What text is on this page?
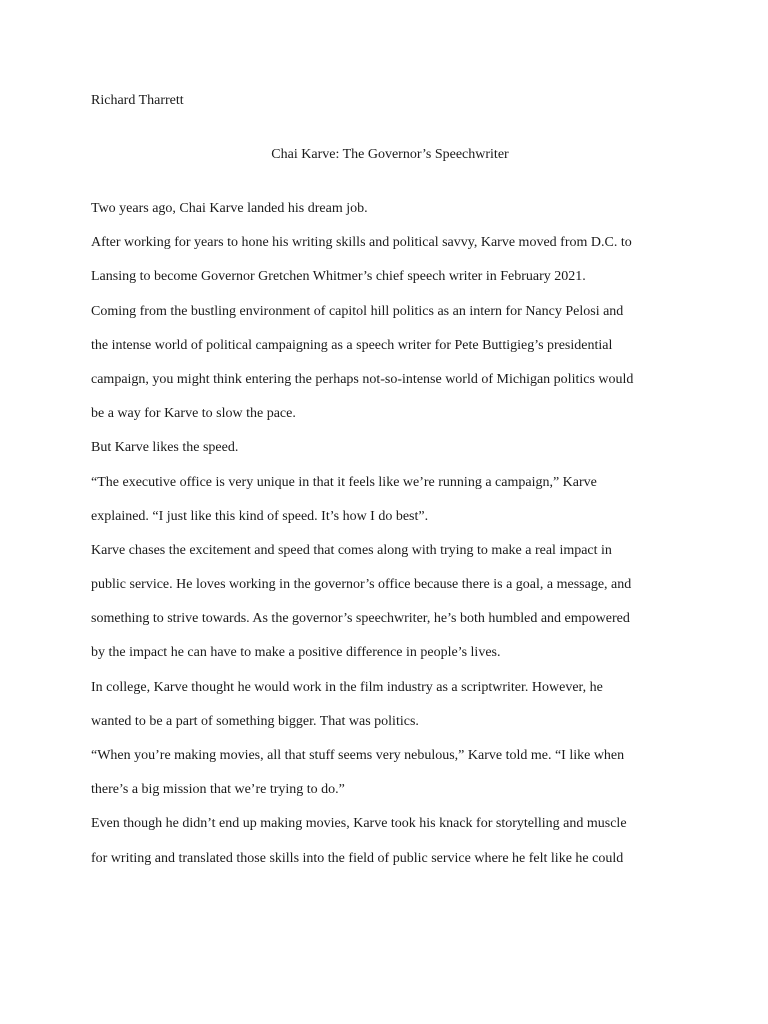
Richard Tharrett
Chai Karve: The Governor’s Speechwriter
Two years ago, Chai Karve landed his dream job.
After working for years to hone his writing skills and political savvy, Karve moved from D.C. to
Lansing to become Governor Gretchen Whitmer’s chief speech writer in February 2021.
Coming from the bustling environment of capitol hill politics as an intern for Nancy Pelosi and
the intense world of political campaigning as a speech writer for Pete Buttigieg’s presidential
campaign, you might think entering the perhaps not-so-intense world of Michigan politics would
be a way for Karve to slow the pace.
But Karve likes the speed.
“The executive office is very unique in that it feels like we’re running a campaign,” Karve
explained. “I just like this kind of speed. It’s how I do best”.
Karve chases the excitement and speed that comes along with trying to make a real impact in
public service. He loves working in the governor’s office because there is a goal, a message, and
something to strive towards. As the governor’s speechwriter, he’s both humbled and empowered
by the impact he can have to make a positive difference in people’s lives.
In college, Karve thought he would work in the film industry as a scriptwriter. However, he
wanted to be a part of something bigger. That was politics.
“When you’re making movies, all that stuff seems very nebulous,” Karve told me. “I like when
there’s a big mission that we’re trying to do.”
Even though he didn’t end up making movies, Karve took his knack for storytelling and muscle
for writing and translated those skills into the field of public service where he felt like he could
